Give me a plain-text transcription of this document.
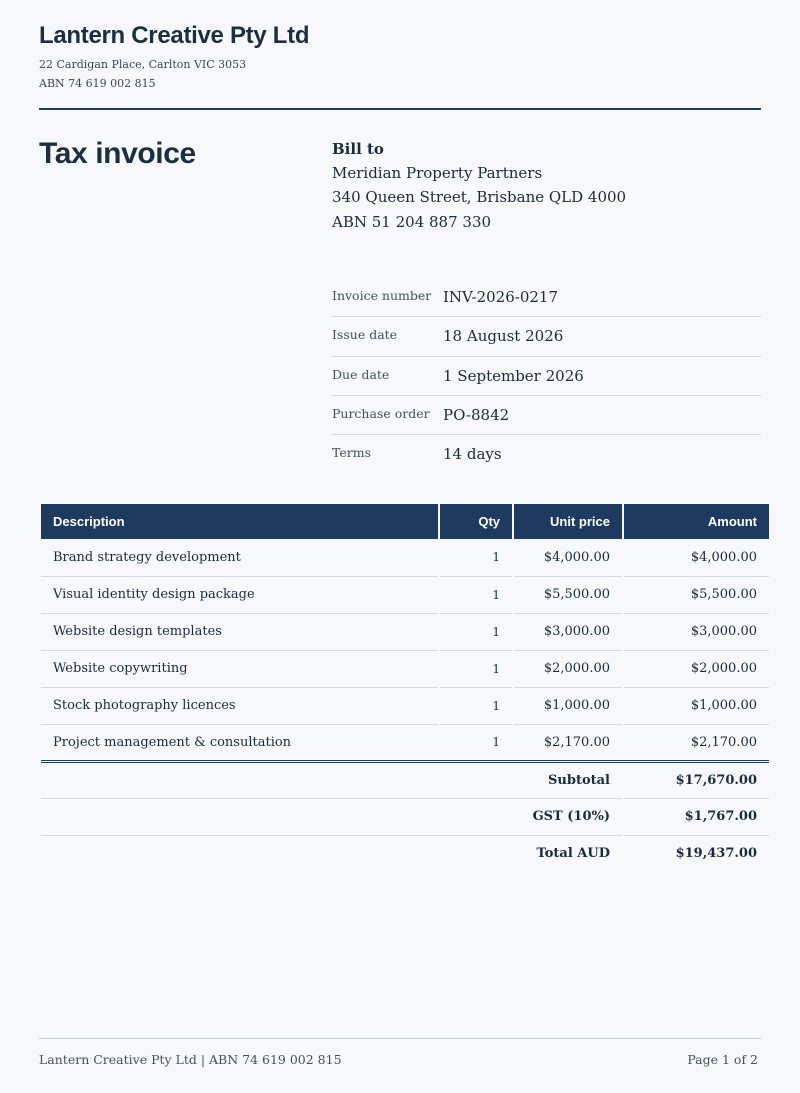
Lantern Creative Pty Ltd
22 Cardigan Place, Carlton VIC 3053
ABN 74 619 002 815
Tax invoice	Bill to
Meridian Property Partners
340 Queen Street, Brisbane QLD 4000
ABN 51 204 887 330
Invoice number INV-2026-0217
Issue date	18 August 2026
Due date	1 September 2026
Purchase order PO-8842
Terms	14 days
Description	Qty	Unit price	Amount
Brand strategy development	1	$4,000.00	$4,000.00
Visual identity design package	1	$5,500.00	$5,500.00
Website design templates	1	$3,000.00	$3,000.00
Website copywriting	1	$2,000.00	$2,000.00
Stock photography licences	1	$1,000.00	$1,000.00
Project management & consultation	1	$2,170.00	$2,170.00
Subtotal			$17,670.00
GST (10%)			$1,767.00
Total AUD			$19,437.00
Lantern Creative Pty Ltd | ABN 74 619 002 815	Page 1 of 2
